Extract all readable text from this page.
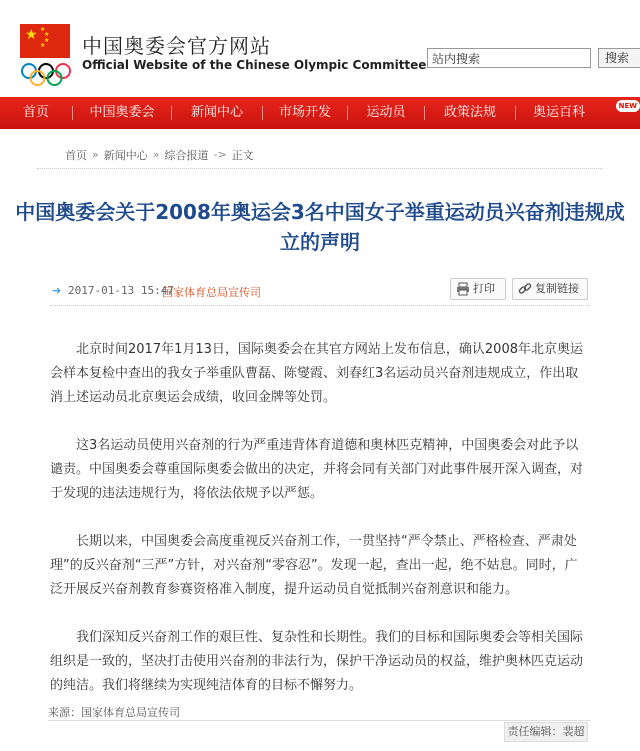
★ ★
★
★
★ 中国奥委会官方网站
Official Website of the Chinese Olympic Committee
站内搜索	搜索
首页	中国奥委会	新闻中心	市场开发	运动员	政策法规	奥运百科	NEW
首页 » 新闻中心 » 综合报道 -> 正文
中国奥委会关于2008年奥运会3名中国女子举重运动员兴奋剂违规成立的声明
➜ 2017-01-13 15:47
国家体育总局宣传司	打印	复制链接

北京时间2017年1月13日，国际奥委会在其官方网站上发布信息，确认2008年北京奥运会样本复检中查出的我女子举重队曹磊、陈燮霞、刘春红3名运动员兴奋剂违规成立，作出取消上述运动员北京奥运会成绩，收回金牌等处罚。

这3名运动员使用兴奋剂的行为严重违背体育道德和奥林匹克精神，中国奥委会对此予以谴责。中国奥委会尊重国际奥委会做出的决定，并将会同有关部门对此事件展开深入调查，对于发现的违法违规行为，将依法依规予以严惩。

长期以来，中国奥委会高度重视反兴奋剂工作，一贯坚持“严令禁止、严格检查、严肃处理”的反兴奋剂“三严”方针，对兴奋剂“零容忍”。发现一起，查出一起，绝不姑息。同时，广泛开展反兴奋剂教育参赛资格准入制度，提升运动员自觉抵制兴奋剂意识和能力。

我们深知反兴奋剂工作的艰巨性、复杂性和长期性。我们的目标和国际奥委会等相关国际组织是一致的，坚决打击使用兴奋剂的非法行为，保护干净运动员的权益，维护奥林匹克运动的纯洁。我们将继续为实现纯洁体育的目标不懈努力。

来源：国家体育总局宣传司
责任编辑：裴超
